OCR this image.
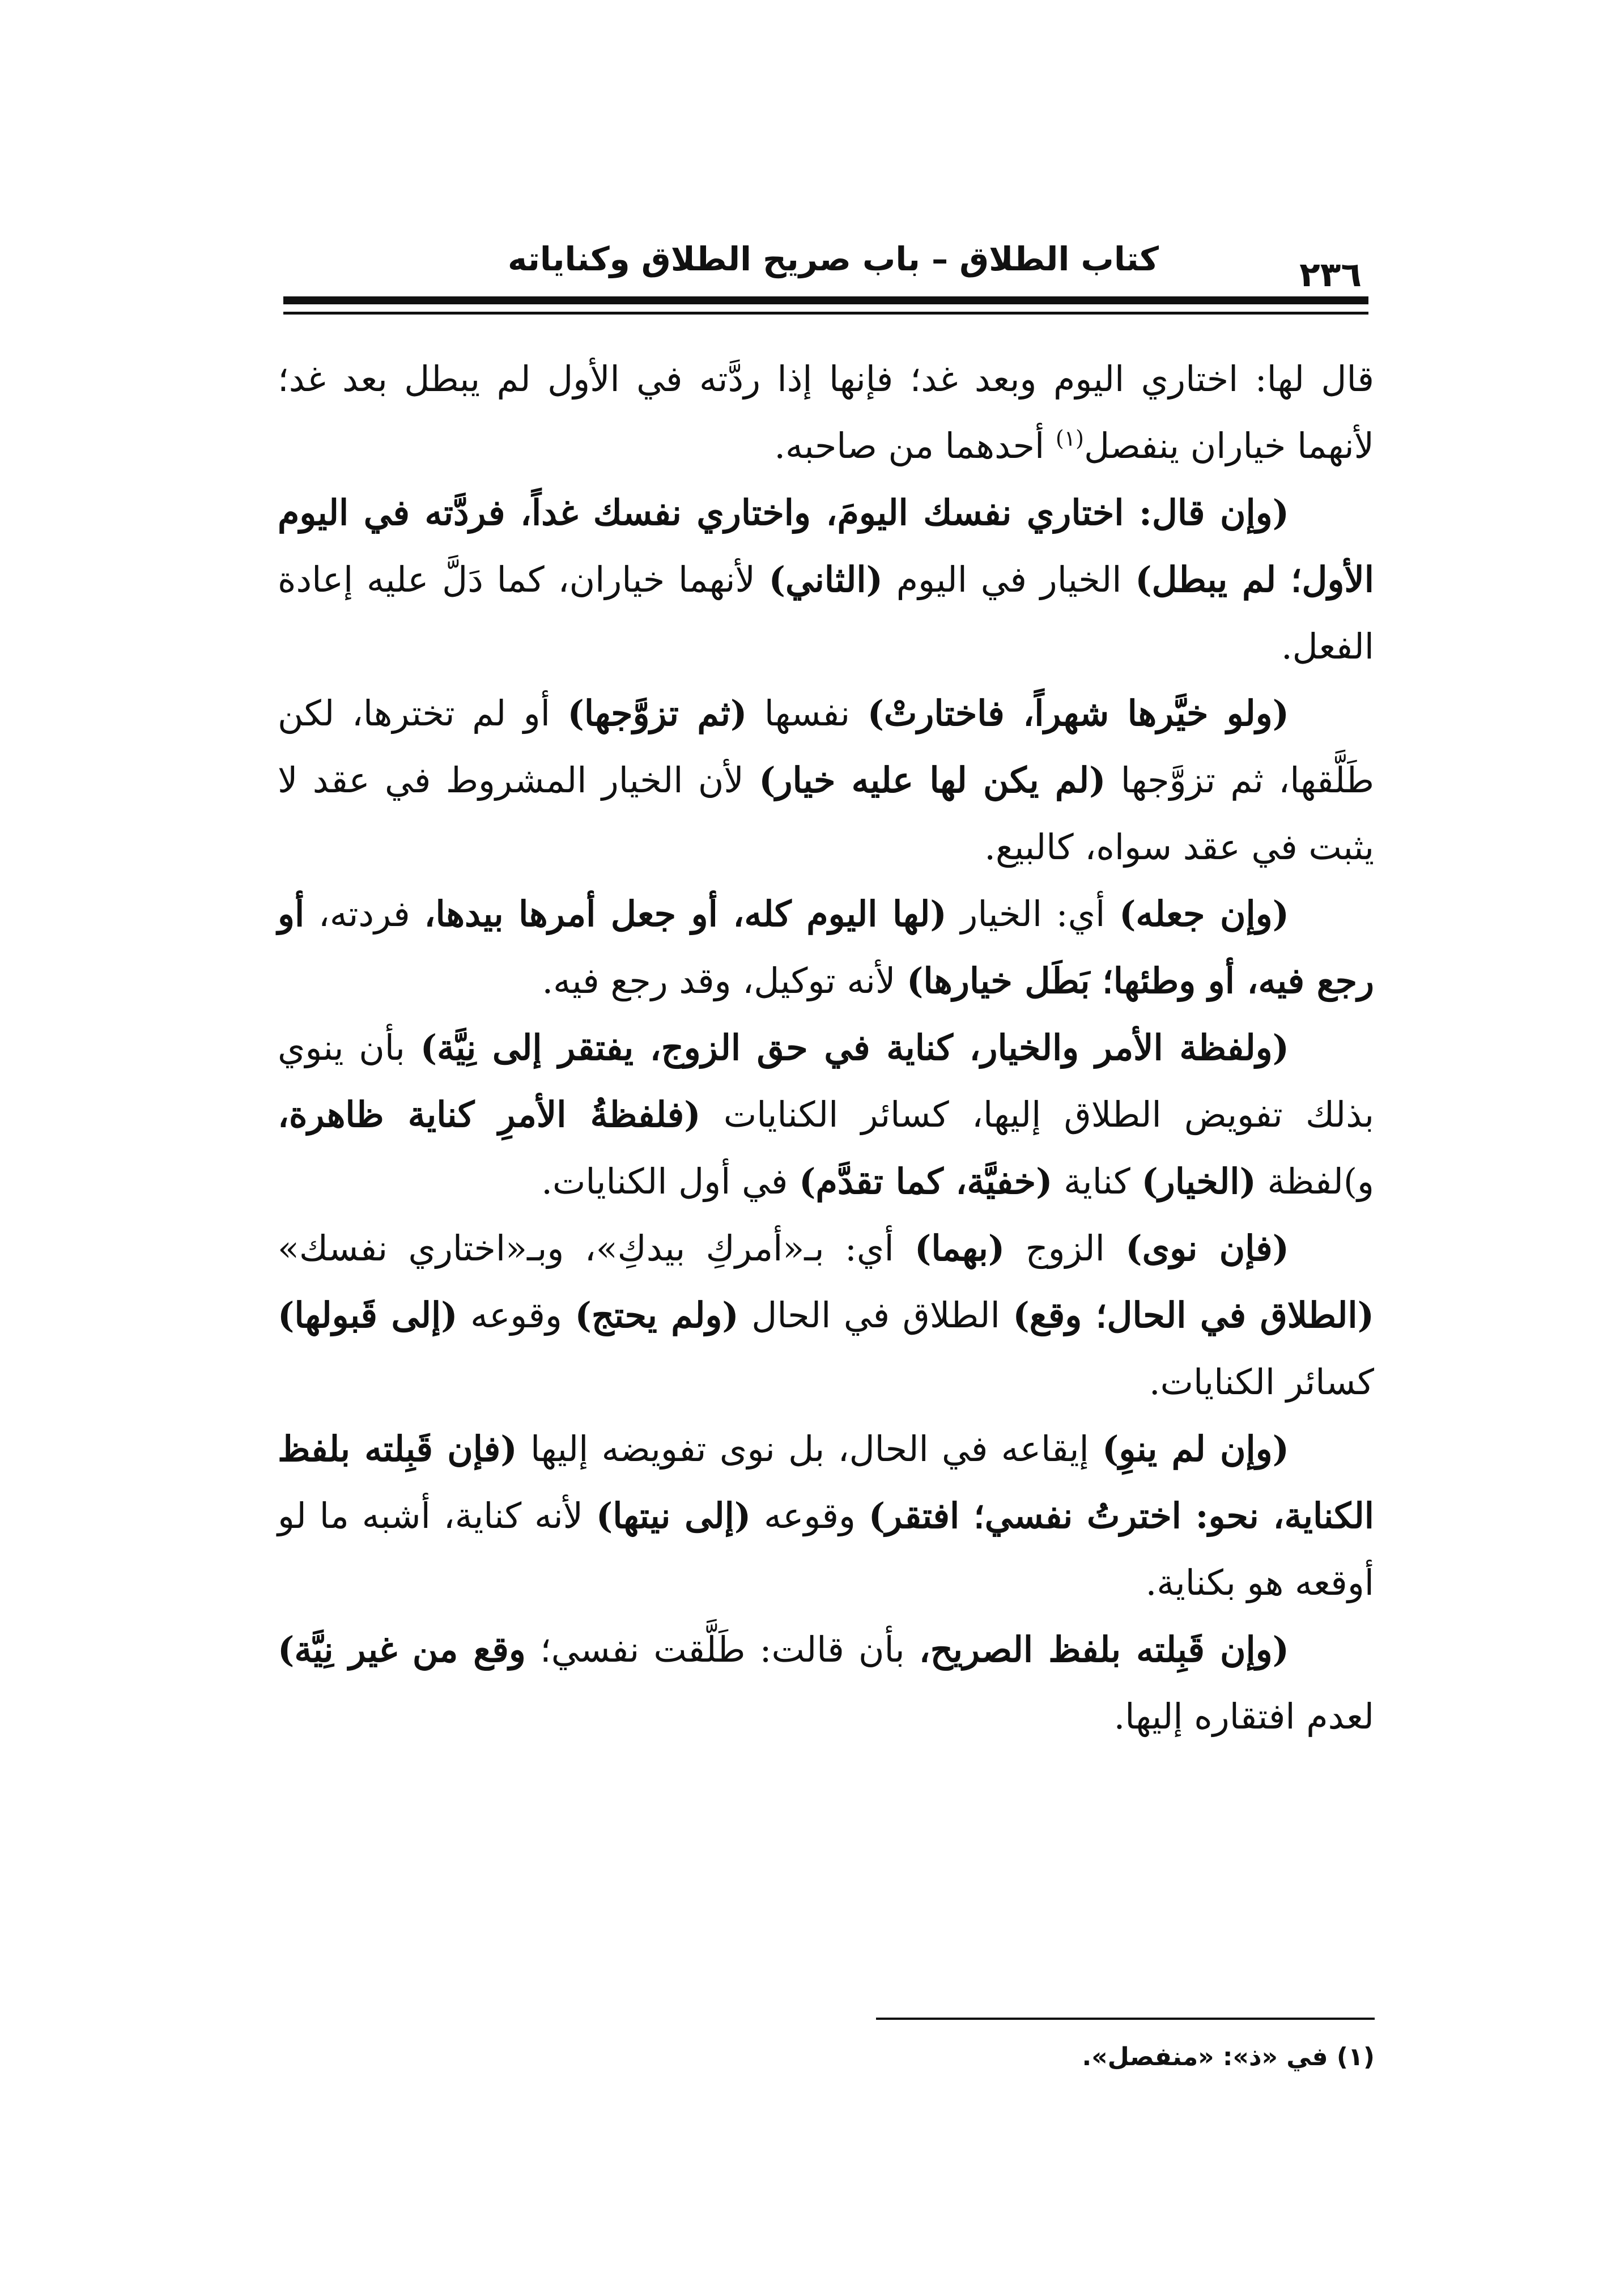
كتاب الطلاق – باب صريح الطلاق وكناياته	٢٣٦

قال لها: اختاري اليوم وبعد غد؛ فإنها إذا ردَّته في الأول لم يبطل بعد غد؛ لأنهما خياران ينفصل$^{(١)}$ أحدهما من صاحبه.

(وإن قال: اختاري نفسك اليومَ، واختاري نفسك غداً، فردَّته في اليوم الأول؛ لم يبطل) الخيار في اليوم (الثاني) لأنهما خياران، كما دَلَّ عليه إعادة الفعل.

(ولو خيَّرها شهراً، فاختارتْ) نفسها (ثم تزوَّجها) أو لم تخترها، لكن طَلَّقها، ثم تزوَّجها (لم يكن لها عليه خيار) لأن الخيار المشروط في عقد لا يثبت في عقد سواه، كالبيع.

(وإن جعله) أي: الخيار (لها اليوم كله، أو جعل أمرها بيدها، فردته، أو رجع فيه، أو وطئها؛ بَطَل خيارها) لأنه توكيل، وقد رجع فيه.

(ولفظة الأمر والخيار، كناية في حق الزوج، يفتقر إلى نِيَّة) بأن ينوي بذلك تفويض الطلاق إليها، كسائر الكنايات (فلفظةُ الأمرِ كناية ظاهرة، و)لفظة (الخيار) كناية (خفيَّة، كما تقدَّم) في أول الكنايات.

(فإن نوى) الزوج (بهما) أي: بـ«أمركِ بيدكِ»، وبـ«اختاري نفسك» (الطلاق في الحال؛ وقع) الطلاق في الحال (ولم يحتج) وقوعه (إلى قَبولها) كسائر الكنايات.

(وإن لم ينوِ) إيقاعه في الحال، بل نوى تفويضه إليها (فإن قَبِلته بلفظ الكناية، نحو: اخترتُ نفسي؛ افتقر) وقوعه (إلى نيتها) لأنه كناية، أشبه ما لو أوقعه هو بكناية.

(وإن قَبِلته بلفظ الصريح، بأن قالت: طَلَّقت نفسي؛ وقع من غير نِيَّة) لعدم افتقاره إليها.

(١) في «ذ»: «منفصل».
